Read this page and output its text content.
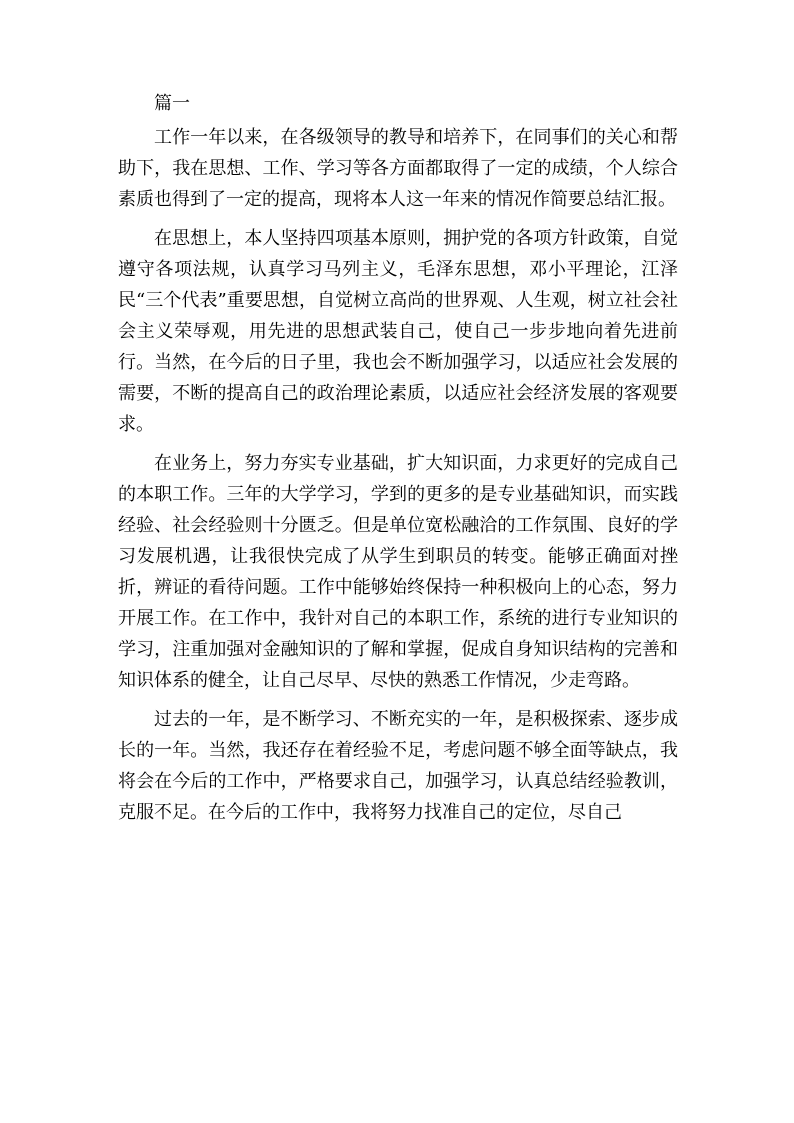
篇一

工作一年以来，在各级领导的教导和培养下，在同事们的关心和帮助下，我在思想、工作、学习等各方面都取得了一定的成绩，个人综合素质也得到了一定的提高，现将本人这一年来的情况作简要总结汇报。

在思想上，本人坚持四项基本原则，拥护党的各项方针政策，自觉遵守各项法规，认真学习马列主义，毛泽东思想，邓小平理论，江泽民“三个代表”重要思想，自觉树立高尚的世界观、人生观，树立社会社会主义荣辱观，用先进的思想武装自己，使自己一步步地向着先进前行。当然，在今后的日子里，我也会不断加强学习，以适应社会发展的需要，不断的提高自己的政治理论素质，以适应社会经济发展的客观要求。

在业务上，努力夯实专业基础，扩大知识面，力求更好的完成自己的本职工作。三年的大学学习，学到的更多的是专业基础知识，而实践经验、社会经验则十分匮乏。但是单位宽松融洽的工作氛围、良好的学习发展机遇，让我很快完成了从学生到职员的转变。能够正确面对挫折，辨证的看待问题。工作中能够始终保持一种积极向上的心态，努力开展工作。在工作中，我针对自己的本职工作，系统的进行专业知识的学习，注重加强对金融知识的了解和掌握，促成自身知识结构的完善和知识体系的健全，让自己尽早、尽快的熟悉工作情况，少走弯路。

过去的一年，是不断学习、不断充实的一年，是积极探索、逐步成长的一年。当然，我还存在着经验不足，考虑问题不够全面等缺点，我将会在今后的工作中，严格要求自己，加强学习，认真总结经验教训，克服不足。在今后的工作中，我将努力找准自己的定位，尽自己
